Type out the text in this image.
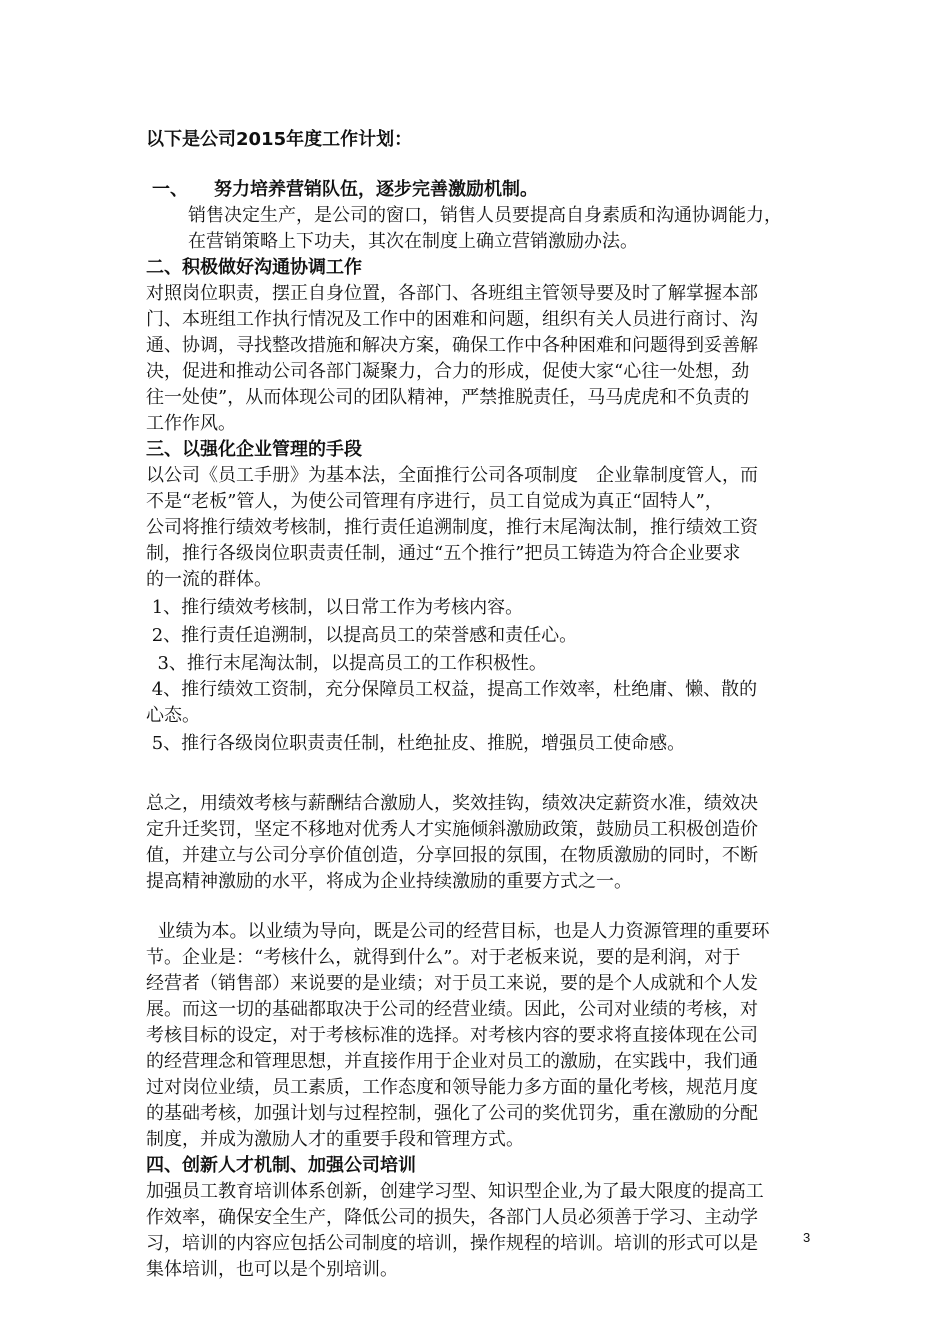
以下是公司2015年度工作计划：
一、 努力培养营销队伍，逐步完善激励机制。
销售决定生产，是公司的窗口，销售人员要提高自身素质和沟通协调能力，
在营销策略上下功夫，其次在制度上确立营销激励办法。
二、积极做好沟通协调工作
对照岗位职责，摆正自身位置，各部门、各班组主管领导要及时了解掌握本部
门、本班组工作执行情况及工作中的困难和问题，组织有关人员进行商讨、沟
通、协调，寻找整改措施和解决方案，确保工作中各种困难和问题得到妥善解
决，促进和推动公司各部门凝聚力，合力的形成，促使大家“心往一处想，劲
往一处使”，从而体现公司的团队精神，严禁推脱责任，马马虎虎和不负责的
工作作风。
三、以强化企业管理的手段
以公司《员工手册》为基本法，全面推行公司各项制度　企业靠制度管人，而
不是“老板”管人，为使公司管理有序进行，员工自觉成为真正“固特人”，
公司将推行绩效考核制，推行责任追溯制度，推行末尾淘汰制，推行绩效工资
制，推行各级岗位职责责任制，通过“五个推行”把员工铸造为符合企业要求
的一流的群体。
1、推行绩效考核制，以日常工作为考核内容。
2、推行责任追溯制，以提高员工的荣誉感和责任心。
3、推行末尾淘汰制，以提高员工的工作积极性。
4、推行绩效工资制，充分保障员工权益，提高工作效率，杜绝庸、懒、散的
心态。
5、推行各级岗位职责责任制，杜绝扯皮、推脱，增强员工使命感。
总之，用绩效考核与薪酬结合激励人，奖效挂钩，绩效决定薪资水准，绩效决
定升迁奖罚，坚定不移地对优秀人才实施倾斜激励政策，鼓励员工积极创造价
值，并建立与公司分享价值创造，分享回报的氛围，在物质激励的同时，不断
提高精神激励的水平，将成为企业持续激励的重要方式之一。
业绩为本。以业绩为导向，既是公司的经营目标，也是人力资源管理的重要环
节。企业是：“考核什么，就得到什么”。对于老板来说，要的是利润，对于
经营者（销售部）来说要的是业绩；对于员工来说，要的是个人成就和个人发
展。而这一切的基础都取决于公司的经营业绩。因此，公司对业绩的考核，对
考核目标的设定，对于考核标准的选择。对考核内容的要求将直接体现在公司
的经营理念和管理思想，并直接作用于企业对员工的激励，在实践中，我们通
过对岗位业绩，员工素质，工作态度和领导能力多方面的量化考核，规范月度
的基础考核，加强计划与过程控制，强化了公司的奖优罚劣，重在激励的分配
制度，并成为激励人才的重要手段和管理方式。
四、创新人才机制、加强公司培训
加强员工教育培训体系创新，创建学习型、知识型企业,为了最大限度的提高工
作效率，确保安全生产，降低公司的损失，各部门人员必须善于学习、主动学
习，培训的内容应包括公司制度的培训，操作规程的培训。培训的形式可以是
集体培训，也可以是个别培训。
3
